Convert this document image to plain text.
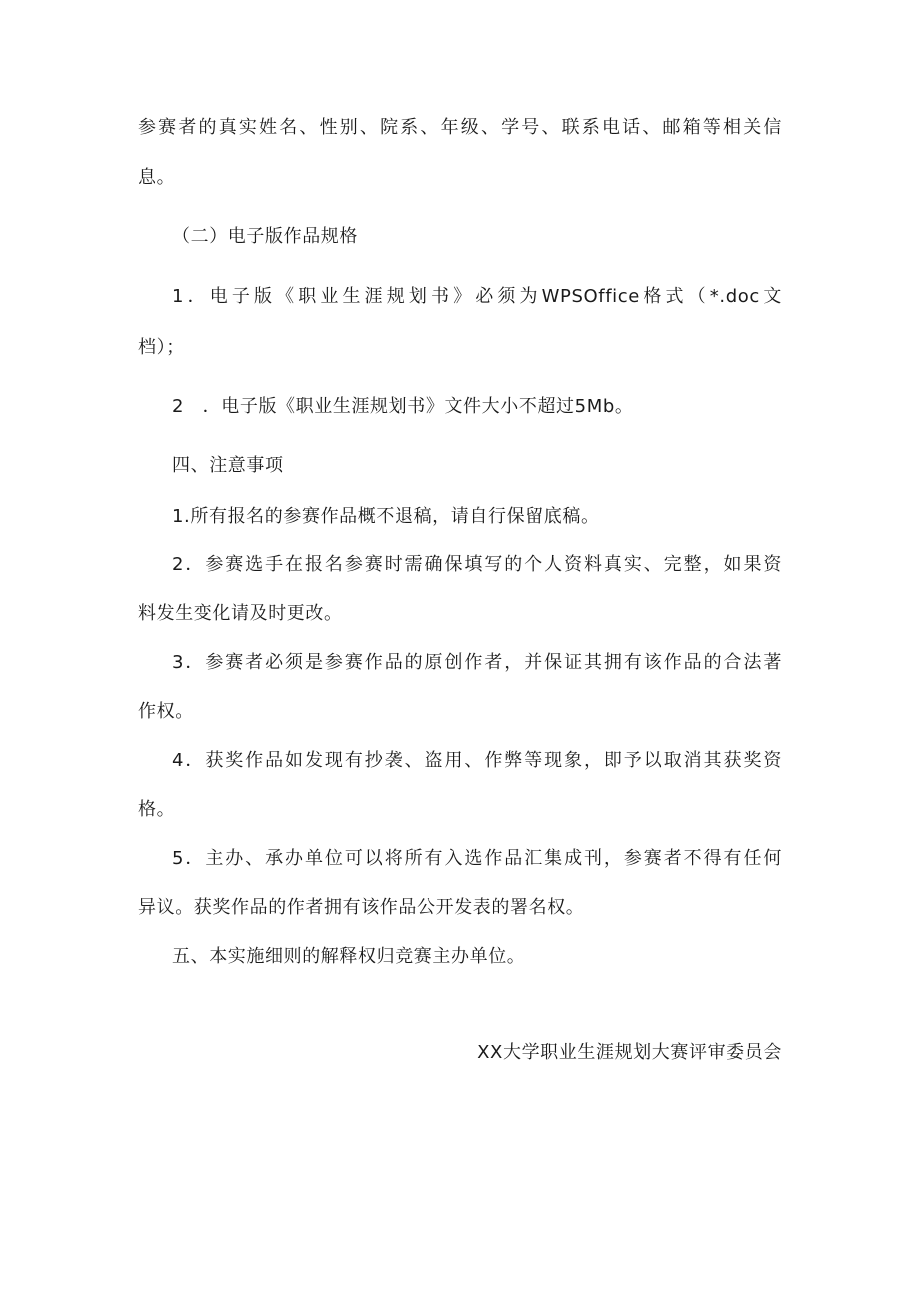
参赛者的真实姓名、性别、院系、年级、学号、联系电话、邮箱等相关信
息。
（二）电子版作品规格
1．电子版《职业生涯规划书》必须为WPSOffice格式（*.doc文
档）；
2　．电子版《职业生涯规划书》文件大小不超过5Mb。
四、注意事项
1.所有报名的参赛作品概不退稿，请自行保留底稿。
2．参赛选手在报名参赛时需确保填写的个人资料真实、完整，如果资
料发生变化请及时更改。
3．参赛者必须是参赛作品的原创作者，并保证其拥有该作品的合法著
作权。
4．获奖作品如发现有抄袭、盗用、作弊等现象，即予以取消其获奖资
格。
5．主办、承办单位可以将所有入选作品汇集成刊，参赛者不得有任何
异议。获奖作品的作者拥有该作品公开发表的署名权。
五、本实施细则的解释权归竞赛主办单位。
XX大学职业生涯规划大赛评审委员会
